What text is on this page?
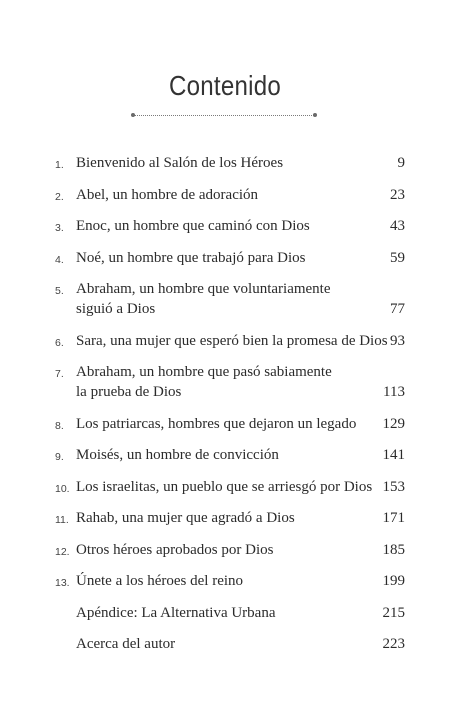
Contenido
1. Bienvenido al Salón de los Héroes	9
2. Abel, un hombre de adoración	23
3. Enoc, un hombre que caminó con Dios	43
4. Noé, un hombre que trabajó para Dios	59
5. Abraham, un hombre que voluntariamente
siguió a Dios	77
6. Sara, una mujer que esperó bien la promesa de Dios 93
7. Abraham, un hombre que pasó sabiamente
la prueba de Dios	113
8. Los patriarcas, hombres que dejaron un legado 129
9. Moisés, un hombre de convicción	141
10. Los israelitas, un pueblo que se arriesgó por Dios 153
11. Rahab, una mujer que agradó a Dios	171
12. Otros héroes aprobados por Dios	185
13. Únete a los héroes del reino	199
Apéndice: La Alternativa Urbana	215
Acerca del autor	223
